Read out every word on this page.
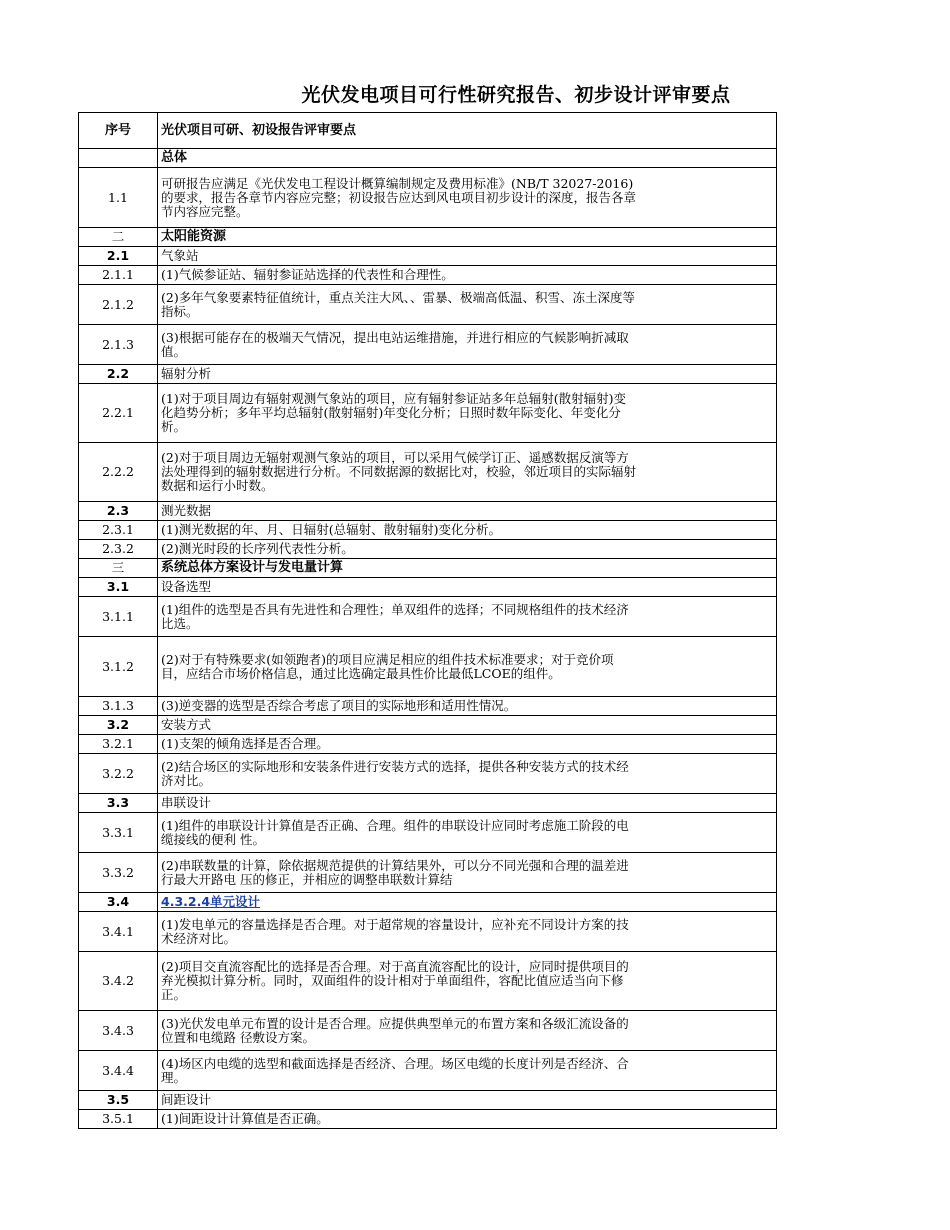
光伏发电项目可行性研究报告、初步设计评审要点
序号	光伏项目可研、初设报告评审要点
	总体
1.1	可研报告应满足《光伏发电工程设计概算编制规定及费用标准》(NB/T 32027-2016)的要求，报告各章节内容应完整；初设报告应达到风电项目初步设计的深度，报告各章节内容应完整。
二	太阳能资源
2.1	气象站
2.1.1	(1)气候参证站、辐射参证站选择的代表性和合理性。
2.1.2	(2)多年气象要素特征值统计，重点关注大风、、雷暴、极端高低温、积雪、冻土深度等指标。
2.1.3	(3)根据可能存在的极端天气情况，提出电站运维措施，并进行相应的气候影响折减取值。
2.2	辐射分析
2.2.1	(1)对于项目周边有辐射观测气象站的项目，应有辐射参证站多年总辐射(散射辐射)变化趋势分析；多年平均总辐射(散射辐射)年变化分析；日照时数年际变化、年变化分析。
2.2.2	(2)对于项目周边无辐射观测气象站的项目，可以采用气候学订正、遥感数据反演等方法处理得到的辐射数据进行分析。不同数据源的数据比对，校验，邻近项目的实际辐射数据和运行小时数。
2.3	测光数据
2.3.1	(1)测光数据的年、月、日辐射(总辐射、散射辐射)变化分析。
2.3.2	(2)测光时段的长序列代表性分析。
三	系统总体方案设计与发电量计算
3.1	设备选型
3.1.1	(1)组件的选型是否具有先进性和合理性；单双组件的选择；不同规格组件的技术经济比选。
3.1.2	(2)对于有特殊要求(如领跑者)的项目应满足相应的组件技术标准要求；对于竞价项目，应结合市场价格信息，通过比选确定最具性价比最低LCOE的组件。
3.1.3	(3)逆变器的选型是否综合考虑了项目的实际地形和适用性情况。
3.2	安装方式
3.2.1	(1)支架的倾角选择是否合理。
3.2.2	(2)结合场区的实际地形和安装条件进行安装方式的选择，提供各种安装方式的技术经济对比。
3.3	串联设计
3.3.1	(1)组件的串联设计计算值是否正确、合理。组件的串联设计应同时考虑施工阶段的电缆接线的便利 性。
3.3.2	(2)串联数量的计算，除依据规范提供的计算结果外，可以分不同光强和合理的温差进行最大开路电 压的修正，并相应的调整串联数计算结
3.4	4.3.2.4单元设计
3.4.1	(1)发电单元的容量选择是否合理。对于超常规的容量设计，应补充不同设计方案的技术经济对比。
3.4.2	(2)项目交直流容配比的选择是否合理。对于高直流容配比的设计，应同时提供项目的弃光模拟计算分析。同时，双面组件的设计相对于单面组件，容配比值应适当向下修正。
3.4.3	(3)光伏发电单元布置的设计是否合理。应提供典型单元的布置方案和各级汇流设备的位置和电缆路 径敷设方案。
3.4.4	(4)场区内电缆的选型和截面选择是否经济、合理。场区电缆的长度计列是否经济、合理。
3.5	间距设计
3.5.1	(1)间距设计计算值是否正确。
